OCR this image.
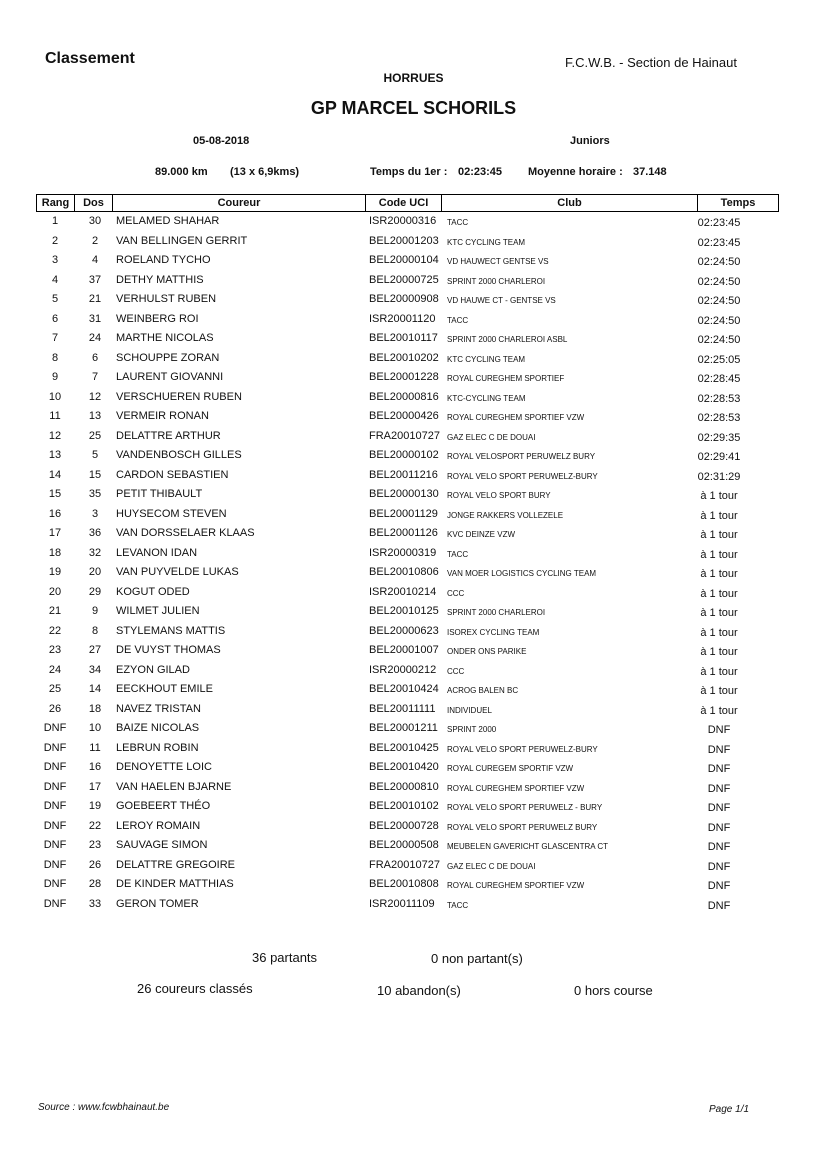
Classement	F.C.W.B. - Section de Hainaut
HORRUES
GP MARCEL SCHORILS
05-08-2018	Juniors
89.000 km (13 x 6,9kms)	Temps du 1er : 02:23:45 Moyenne horaire : 37.148
Rang	Dos	Coureur	Code UCI	Club	Temps
1	30	MELAMED SHAHAR	ISR20000316 TACC	02:23:45
2	2	VAN BELLINGEN GERRIT	BEL20001203 KTC CYCLING TEAM	02:23:45
3	4	ROELAND TYCHO	BEL20000104 VD HAUWECT GENTSE VS	02:24:50
4	37	DETHY MATTHIS	BEL20000725 SPRINT 2000 CHARLEROI	02:24:50
5	21	VERHULST RUBEN	BEL20000908 VD HAUWE CT - GENTSE VS	02:24:50
6	31	WEINBERG ROI	ISR20001120 TACC	02:24:50
7	24	MARTHE NICOLAS	BEL20010117 SPRINT 2000 CHARLEROI ASBL	02:24:50
8	6	SCHOUPPE ZORAN	BEL20010202 KTC CYCLING TEAM	02:25:05
9	7	LAURENT GIOVANNI	BEL20001228 ROYAL CUREGHEM SPORTIEF	02:28:45
10	12	VERSCHUEREN RUBEN	BEL20000816 KTC-CYCLING TEAM	02:28:53
11	13	VERMEIR RONAN	BEL20000426 ROYAL CUREGHEM SPORTIEF VZW	02:28:53
12	25	DELATTRE ARTHUR	FRA20010727 GAZ ELEC C DE DOUAI	02:29:35
13	5	VANDENBOSCH GILLES	BEL20000102 ROYAL VELOSPORT PERUWELZ BURY	02:29:41
14	15	CARDON SEBASTIEN	BEL20011216 ROYAL VELO SPORT PERUWELZ-BURY	02:31:29
15	35	PETIT THIBAULT	BEL20000130 ROYAL VELO SPORT BURY	à 1 tour
16	3	HUYSECOM STEVEN	BEL20001129 JONGE RAKKERS VOLLEZELE	à 1 tour
17	36	VAN DORSSELAER KLAAS	BEL20001126 KVC DEINZE VZW	à 1 tour
18	32	LEVANON IDAN	ISR20000319 TACC	à 1 tour
19	20	VAN PUYVELDE LUKAS	BEL20010806 VAN MOER LOGISTICS CYCLING TEAM	à 1 tour
20	29	KOGUT ODED	ISR20010214 CCC	à 1 tour
21	9	WILMET JULIEN	BEL20010125 SPRINT 2000 CHARLEROI	à 1 tour
22	8	STYLEMANS MATTIS	BEL20000623 ISOREX CYCLING TEAM	à 1 tour
23	27	DE VUYST THOMAS	BEL20001007 ONDER ONS PARIKE	à 1 tour
24	34	EZYON GILAD	ISR20000212 CCC	à 1 tour
25	14	EECKHOUT EMILE	BEL20010424 ACROG BALEN BC	à 1 tour
26	18	NAVEZ TRISTAN	BEL20011111 INDIVIDUEL	à 1 tour
DNF	10	BAIZE NICOLAS	BEL20001211 SPRINT 2000	DNF
DNF	11	LEBRUN ROBIN	BEL20010425 ROYAL VELO SPORT PERUWELZ-BURY	DNF
DNF	16	DENOYETTE LOIC	BEL20010420 ROYAL CUREGEM SPORTIF VZW	DNF
DNF	17	VAN HAELEN BJARNE	BEL20000810 ROYAL CUREGHEM SPORTIEF VZW	DNF
DNF	19	GOEBEERT THÉO	BEL20010102 ROYAL VELO SPORT PERUWELZ - BURY	DNF
DNF	22	LEROY ROMAIN	BEL20000728 ROYAL VELO SPORT PERUWELZ BURY	DNF
DNF	23	SAUVAGE SIMON	BEL20000508 MEUBELEN GAVERICHT GLASCENTRA CT	DNF
DNF	26	DELATTRE GREGOIRE	FRA20010727 GAZ ELEC C DE DOUAI	DNF
DNF	28	DE KINDER MATTHIAS	BEL20010808 ROYAL CUREGHEM SPORTIEF VZW	DNF
DNF	33	GERON TOMER	ISR20011109 TACC	DNF
36 partants	0 non partant(s)
26 coureurs classés	10 abandon(s)	0 hors course
Source : www.fcwbhainaut.be	Page 1/1
